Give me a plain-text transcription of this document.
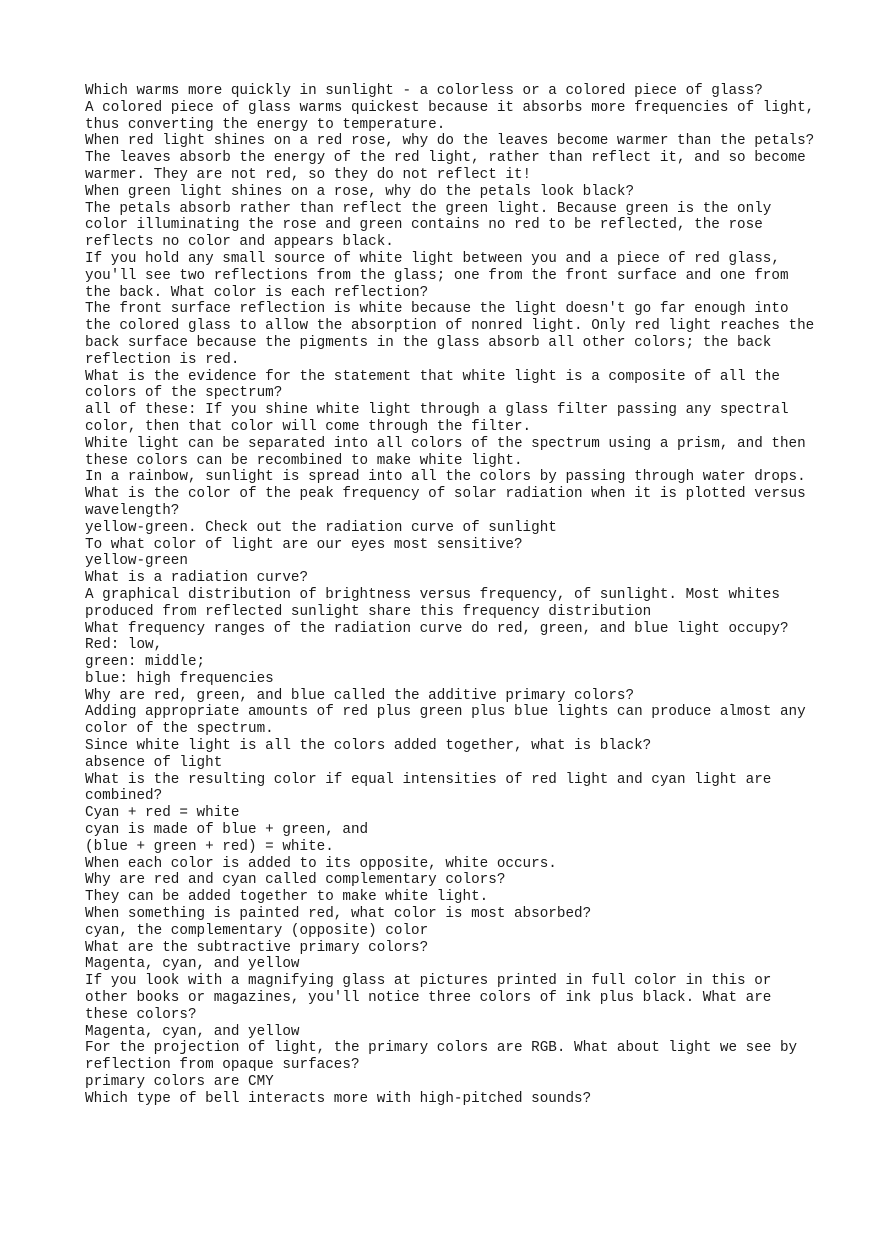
Which warms more quickly in sunlight - a colorless or a colored piece of glass?

A colored piece of glass warms quickest because it absorbs more frequencies of light, thus converting the energy to temperature.

When red light shines on a red rose, why do the leaves become warmer than the petals?

The leaves absorb the energy of the red light, rather than reflect it, and so become warmer. They are not red, so they do not reflect it!

When green light shines on a rose, why do the petals look black?

The petals absorb rather than reflect the green light. Because green is the only color illuminating the rose and green contains no red to be reflected, the rose reflects no color and appears black.

If you hold any small source of white light between you and a piece of red glass, you'll see two reflections from the glass; one from the front surface and one from the back. What color is each reflection?

The front surface reflection is white because the light doesn't go far enough into the colored glass to allow the absorption of nonred light. Only red light reaches the back surface because the pigments in the glass absorb all other colors; the back reflection is red.

What is the evidence for the statement that white light is a composite of all the colors of the spectrum?

all of these: If you shine white light through a glass filter passing any spectral color, then that color will come through the filter.

White light can be separated into all colors of the spectrum using a prism, and then these colors can be recombined to make white light.

In a rainbow, sunlight is spread into all the colors by passing through water drops.

What is the color of the peak frequency of solar radiation when it is plotted versus wavelength?

yellow-green. Check out the radiation curve of sunlight

To what color of light are our eyes most sensitive?

yellow-green

What is a radiation curve?

A graphical distribution of brightness versus frequency, of sunlight. Most whites produced from reflected sunlight share this frequency distribution

What frequency ranges of the radiation curve do red, green, and blue light occupy?

Red: low,

green: middle;

blue: high frequencies

Why are red, green, and blue called the additive primary colors?

Adding appropriate amounts of red plus green plus blue lights can produce almost any color of the spectrum.

Since white light is all the colors added together, what is black?

absence of light

What is the resulting color if equal intensities of red light and cyan light are combined?

Cyan + red = white

cyan is made of blue + green, and

(blue + green + red) = white.

When each color is added to its opposite, white occurs.

Why are red and cyan called complementary colors?

They can be added together to make white light.

When something is painted red, what color is most absorbed?

cyan, the complementary (opposite) color

What are the subtractive primary colors?

Magenta, cyan, and yellow

If you look with a magnifying glass at pictures printed in full color in this or other books or magazines, you'll notice three colors of ink plus black. What are these colors?

Magenta, cyan, and yellow

For the projection of light, the primary colors are RGB. What about light we see by reflection from opaque surfaces?

primary colors are CMY

Which type of bell interacts more with high-pitched sounds?
